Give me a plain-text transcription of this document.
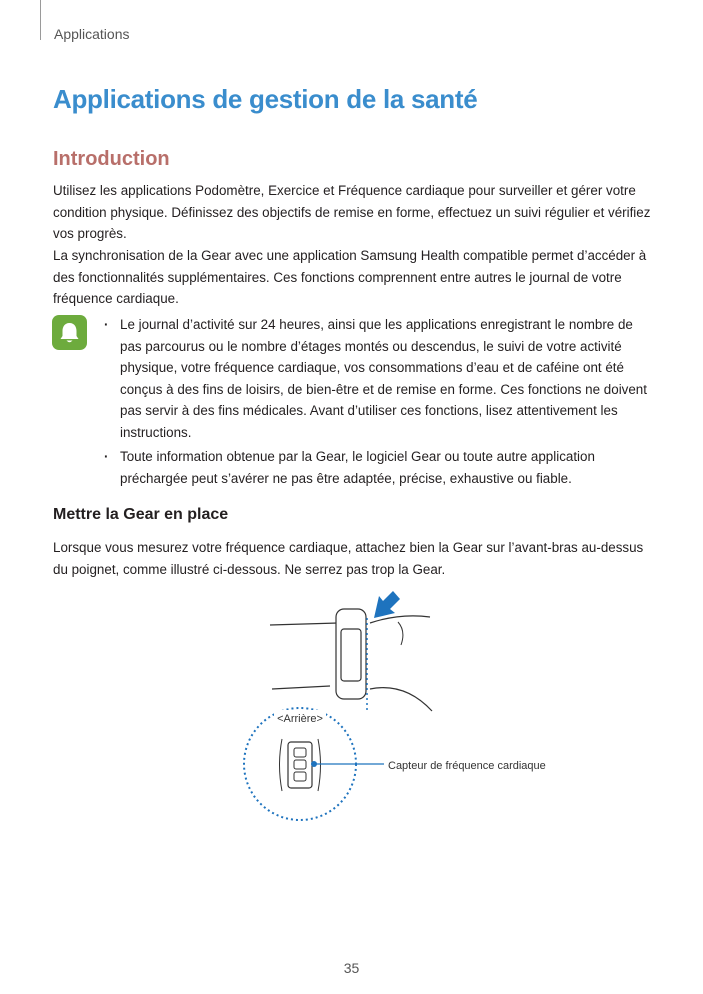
Applications
Applications de gestion de la santé
Introduction

Utilisez les applications Podomètre, Exercice et Fréquence cardiaque pour surveiller et gérer votre condition physique. Définissez des objectifs de remise en forme, effectuez un suivi régulier et vérifiez vos progrès.

La synchronisation de la Gear avec une application Samsung Health compatible permet d’accéder à des fonctionnalités supplémentaires. Ces fonctions comprennent entre autres le journal de votre fréquence cardiaque.

· Le journal d’activité sur 24 heures, ainsi que les applications enregistrant le nombre de pas parcourus ou le nombre d’étages montés ou descendus, le suivi de votre activité physique, votre fréquence cardiaque, vos consommations d’eau et de caféine ont été conçus à des fins de loisirs, de bien-être et de remise en forme. Ces fonctions ne doivent pas servir à des fins médicales. Avant d’utiliser ces fonctions, lisez attentivement les instructions.
· Toute information obtenue par la Gear, le logiciel Gear ou toute autre application préchargée peut s’avérer ne pas être adaptée, précise, exhaustive ou fiable.
Mettre la Gear en place

Lorsque vous mesurez votre fréquence cardiaque, attachez bien la Gear sur l’avant-bras au-dessus du poignet, comme illustré ci-dessous. Ne serrez pas trop la Gear.

<Arrière>
Capteur de fréquence cardiaque
35
